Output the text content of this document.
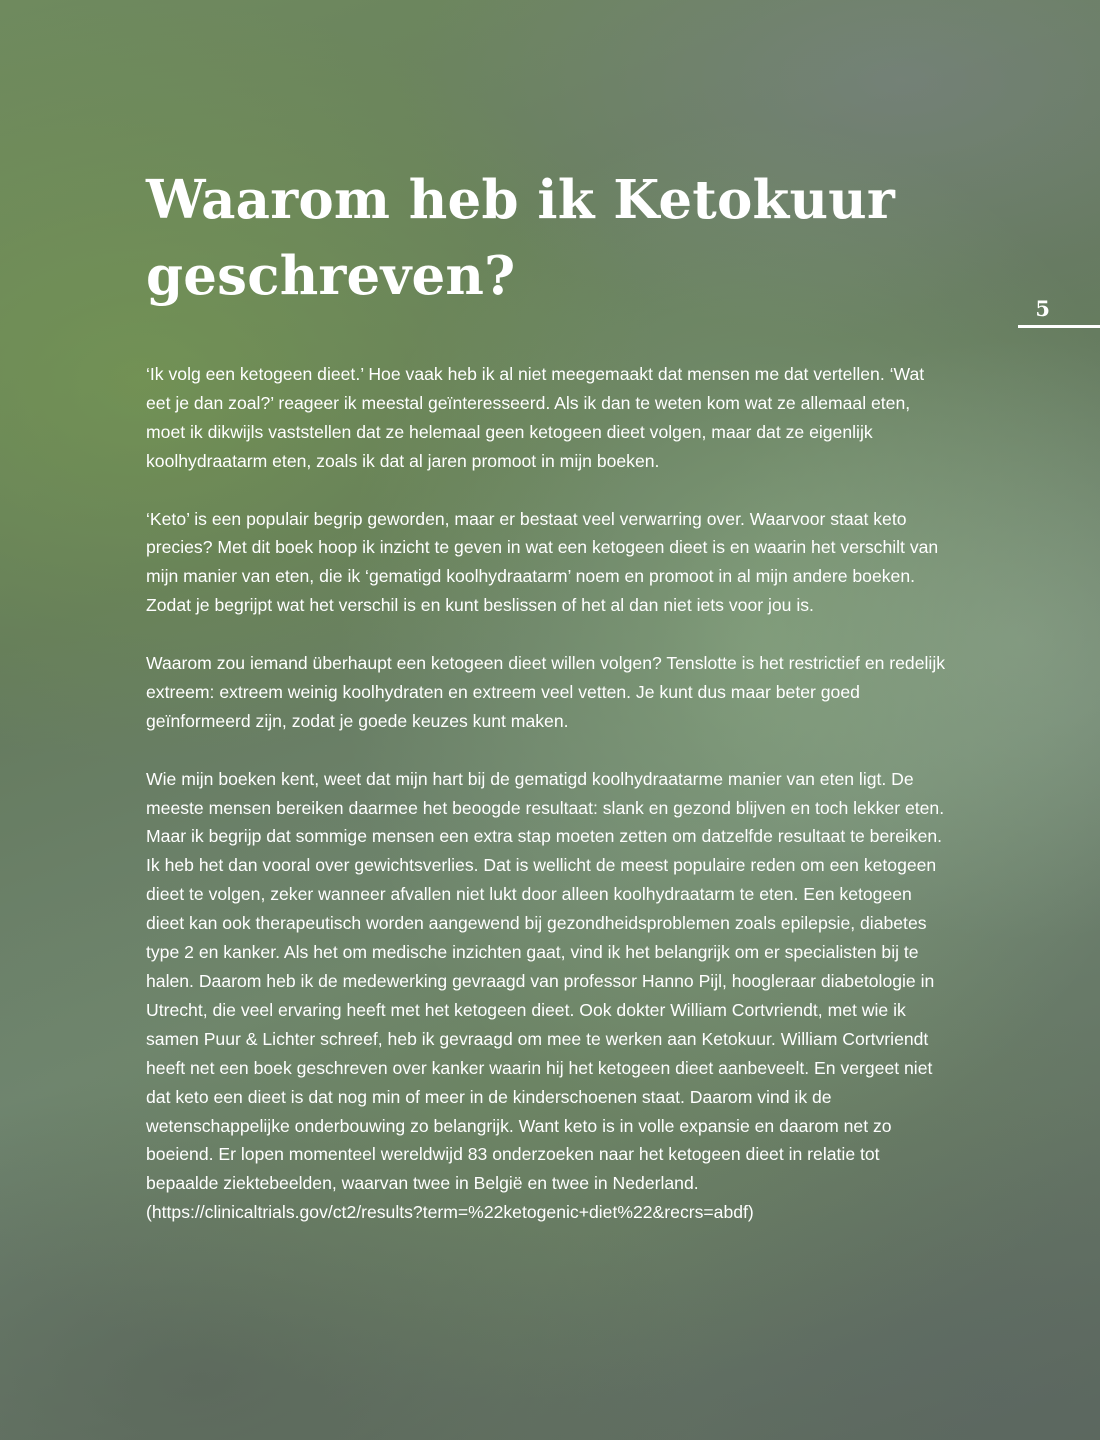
Waarom heb ik Ketokuur geschreven?
5

‘Ik volg een ketogeen dieet.’ Hoe vaak heb ik al niet meegemaakt dat mensen me dat vertellen. ‘Wat eet je dan zoal?’ reageer ik meestal geïnteresseerd. Als ik dan te weten kom wat ze allemaal eten, moet ik dikwijls vaststellen dat ze helemaal geen ketogeen dieet volgen, maar dat ze eigenlijk koolhydraatarm eten, zoals ik dat al jaren promoot in mijn boeken.

‘Keto’ is een populair begrip geworden, maar er bestaat veel verwarring over. Waarvoor staat keto precies? Met dit boek hoop ik inzicht te geven in wat een ketogeen dieet is en waarin het verschilt van mijn manier van eten, die ik ‘gematigd koolhydraatarm’ noem en promoot in al mijn andere boeken. Zodat je begrijpt wat het verschil is en kunt beslissen of het al dan niet iets voor jou is.

Waarom zou iemand überhaupt een ketogeen dieet willen volgen? Tenslotte is het restrictief en redelijk extreem: extreem weinig koolhydraten en extreem veel vetten. Je kunt dus maar beter goed geïnformeerd zijn, zodat je goede keuzes kunt maken.

Wie mijn boeken kent, weet dat mijn hart bij de gematigd koolhydraatarme manier van eten ligt. De meeste mensen bereiken daarmee het beoogde resultaat: slank en gezond blijven en toch lekker eten. Maar ik begrijp dat sommige mensen een extra stap moeten zetten om datzelfde resultaat te bereiken. Ik heb het dan vooral over gewichtsverlies. Dat is wellicht de meest populaire reden om een ketogeen dieet te volgen, zeker wanneer afvallen niet lukt door alleen koolhydraatarm te eten. Een ketogeen dieet kan ook therapeutisch worden aangewend bij gezondheidsproblemen zoals epilepsie, diabetes type 2 en kanker. Als het om medische inzichten gaat, vind ik het belangrijk om er specialisten bij te halen. Daarom heb ik de medewerking gevraagd van professor Hanno Pijl, hoogleraar diabetologie in Utrecht, die veel ervaring heeft met het ketogeen dieet. Ook dokter William Cortvriendt, met wie ik samen Puur & Lichter schreef, heb ik gevraagd om mee te werken aan Ketokuur. William Cortvriendt heeft net een boek geschreven over kanker waarin hij het ketogeen dieet aanbeveelt. En vergeet niet dat keto een dieet is dat nog min of meer in de kinderschoenen staat. Daarom vind ik de wetenschappelijke onderbouwing zo belangrijk. Want keto is in volle expansie en daarom net zo boeiend. Er lopen momenteel wereldwijd 83 onderzoeken naar het ketogeen dieet in relatie tot bepaalde ziektebeelden, waarvan twee in België en twee in Nederland. (https://clinicaltrials.gov/ct2/results?term=%22ketogenic+diet%22&recrs=abdf)
